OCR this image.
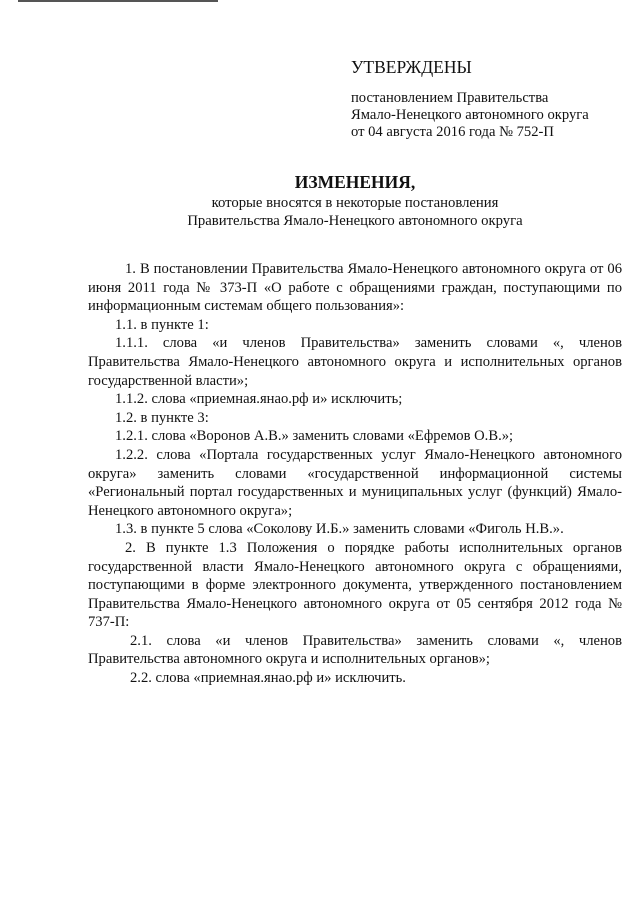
УТВЕРЖДЕНЫ
постановлением Правительства
Ямало-Ненецкого автономного округа
от 04 августа 2016 года № 752-П
ИЗМЕНЕНИЯ,
которые вносятся в некоторые постановления
Правительства Ямало-Ненецкого автономного округа

1. В постановлении Правительства Ямало-Ненецкого автономного округа от 06 июня 2011 года № 373-П «О работе с обращениями граждан, поступающими по информационным системам общего пользования»:

1.1. в пункте 1:

1.1.1. слова «и членов Правительства» заменить словами «, членов Правительства Ямало-Ненецкого автономного округа и исполнительных органов государственной власти»;

1.1.2. слова «приемная.янао.рф и» исключить;

1.2. в пункте 3:

1.2.1. слова «Воронов А.В.» заменить словами «Ефремов О.В.»;

1.2.2. слова «Портала государственных услуг Ямало-Ненецкого автономного округа» заменить словами «государственной информационной системы «Региональный портал государственных и муниципальных услуг (функций) Ямало-Ненецкого автономного округа»;

1.3. в пункте 5 слова «Соколову И.Б.» заменить словами «Фиголь Н.В.».

2. В пункте 1.3 Положения о порядке работы исполнительных органов государственной власти Ямало-Ненецкого автономного округа с обращениями, поступающими в форме электронного документа, утвержденного постановлением Правительства Ямало-Ненецкого автономного округа от 05 сентября 2012 года № 737-П:

2.1. слова «и членов Правительства» заменить словами «, членов Правительства автономного округа и исполнительных органов»;

2.2. слова «приемная.янао.рф и» исключить.
